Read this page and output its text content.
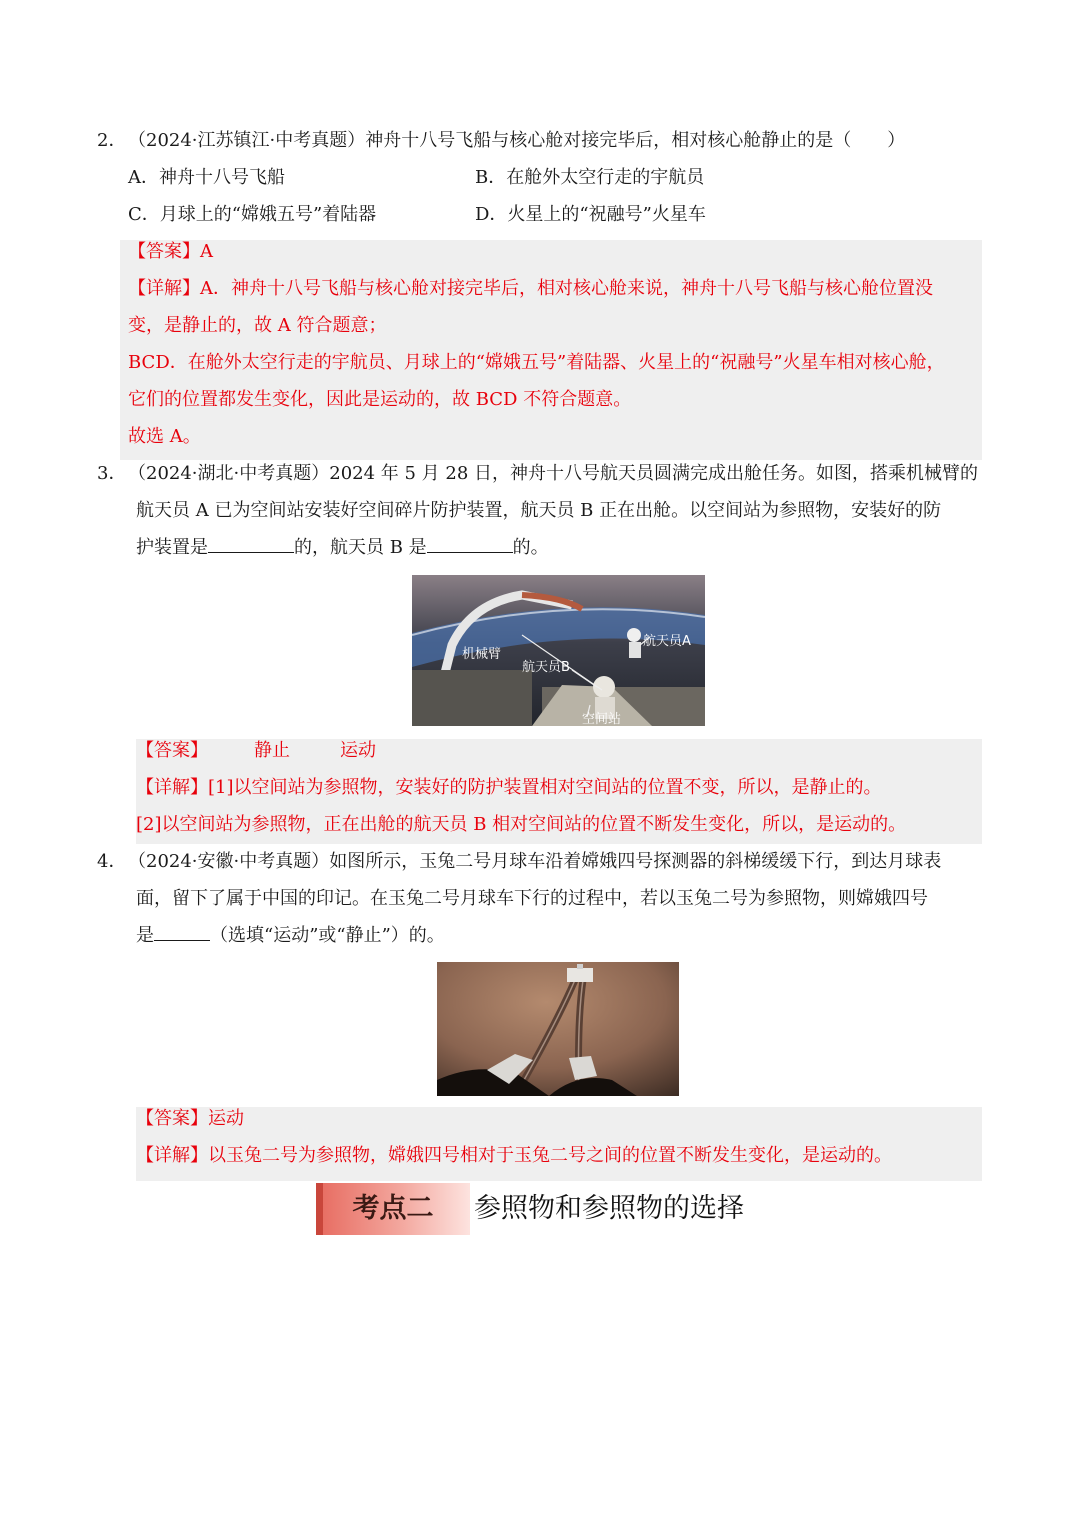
2． （2024·江苏镇江·中考真题）神舟十八号飞船与核心舱对接完毕后，相对核心舱静止的是（　　）
A．神舟十八号飞船	B．在舱外太空行走的宇航员
C．月球上的“嫦娥五号”着陆器	D．火星上的“祝融号”火星车
【答案】A
【详解】A．神舟十八号飞船与核心舱对接完毕后，相对核心舱来说，神舟十八号飞船与核心舱位置没
变，是静止的，故 A 符合题意；
BCD．在舱外太空行走的宇航员、月球上的“嫦娥五号”着陆器、火星上的“祝融号”火星车相对核心舱，
它们的位置都发生变化，因此是运动的，故 BCD 不符合题意。
故选 A。
3． （2024·湖北·中考真题）2024 年 5 月 28 日，神舟十八号航天员圆满完成出舱任务。如图，搭乘机械臂的
航天员 A 已为空间站安装好空间碎片防护装置，航天员 B 正在出舱。以空间站为参照物，安装好的防
护装置是	的，航天员 B 是	的。
机械臂
航天员A
航天员B
空间站
【答案】	静止	运动
【详解】[1]以空间站为参照物，安装好的防护装置相对空间站的位置不变，所以，是静止的。
[2]以空间站为参照物，正在出舱的航天员 B 相对空间站的位置不断发生变化，所以，是运动的。
4． （2024·安徽·中考真题）如图所示，玉兔二号月球车沿着嫦娥四号探测器的斜梯缓缓下行，到达月球表
面，留下了属于中国的印记。在玉兔二号月球车下行的过程中，若以玉兔二号为参照物，则嫦娥四号
是	（选填“运动”或“静止”）的。
【答案】运动
【详解】以玉兔二号为参照物，嫦娥四号相对于玉兔二号之间的位置不断发生变化，是运动的。
考点二	参照物和参照物的选择
